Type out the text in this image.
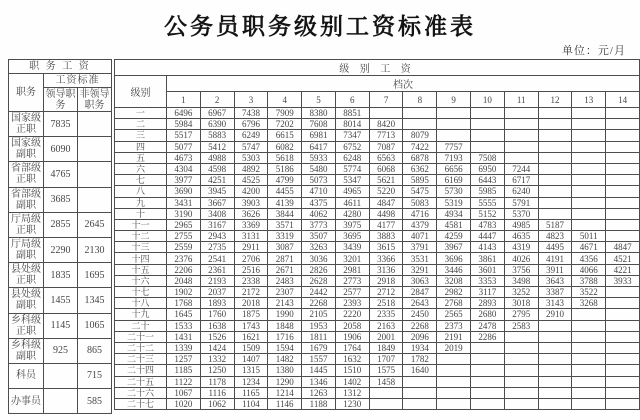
公务员职务级别工资标准表
单位：元/月
职 务 工 资		
职务	工资标准	
	领导职务	非领导职务
国家级正职	7835	
国家级副职	6090	
省部级正职	4765	
省部级副职	3685	
厅局级正职	2855	2645
厅局级副职	2290	2130
县处级正职	1835	1695
县处级副职	1455	1345
乡科级正职	1145	1065
乡科级副职	925	865
科员		715
办事员		585
级 别 工 资														
级别	档次													
	1	2	3	4	5	6	7	8	9	10	11	12	13	14
一	6496	6967	7438	7909	8380	8851								
二	5984	6390	6796	7202	7608	8014	8420							
三	5517	5883	6249	6615	6981	7347	7713	8079						
四	5077	5412	5747	6082	6417	6752	7087	7422	7757					
五	4673	4988	5303	5618	5933	6248	6563	6878	7193	7508				
六	4304	4598	4892	5186	5480	5774	6068	6362	6656	6950	7244			
七	3977	4251	4525	4799	5073	5347	5621	5895	6169	6443	6717			
八	3690	3945	4200	4455	4710	4965	5220	5475	5730	5985	6240			
九	3431	3667	3903	4139	4375	4611	4847	5083	5319	5555	5791			
十	3190	3408	3626	3844	4062	4280	4498	4716	4934	5152	5370			
十一	2965	3167	3369	3571	3773	3975	4177	4379	4581	4783	4985	5187		
十二	2755	2943	3131	3319	3507	3695	3883	4071	4259	4447	4635	4823	5011	
十三	2559	2735	2911	3087	3263	3439	3615	3791	3967	4143	4319	4495	4671	4847
十四	2376	2541	2706	2871	3036	3201	3366	3531	3696	3861	4026	4191	4356	4521
十五	2206	2361	2516	2671	2826	2981	3136	3291	3446	3601	3756	3911	4066	4221
十六	2048	2193	2338	2483	2628	2773	2918	3063	3208	3353	3498	3643	3788	3933
十七	1902	2037	2172	2307	2442	2577	2712	2847	2982	3117	3252	3387	3522	
十八	1768	1893	2018	2143	2268	2393	2518	2643	2768	2893	3018	3143	3268	
十九	1645	1760	1875	1990	2105	2220	2335	2450	2565	2680	2795	2910		
二十	1533	1638	1743	1848	1953	2058	2163	2268	2373	2478	2583			
二十一	1431	1526	1621	1716	1811	1906	2001	2096	2191	2286				
二十二	1339	1424	1509	1594	1679	1764	1849	1934	2019					
二十三	1257	1332	1407	1482	1557	1632	1707	1782						
二十四	1185	1250	1315	1380	1445	1510	1575	1640						
二十五	1122	1178	1234	1290	1346	1402	1458							
二十六	1067	1116	1165	1214	1263	1312								
二十七	1020	1062	1104	1146	1188	1230								
